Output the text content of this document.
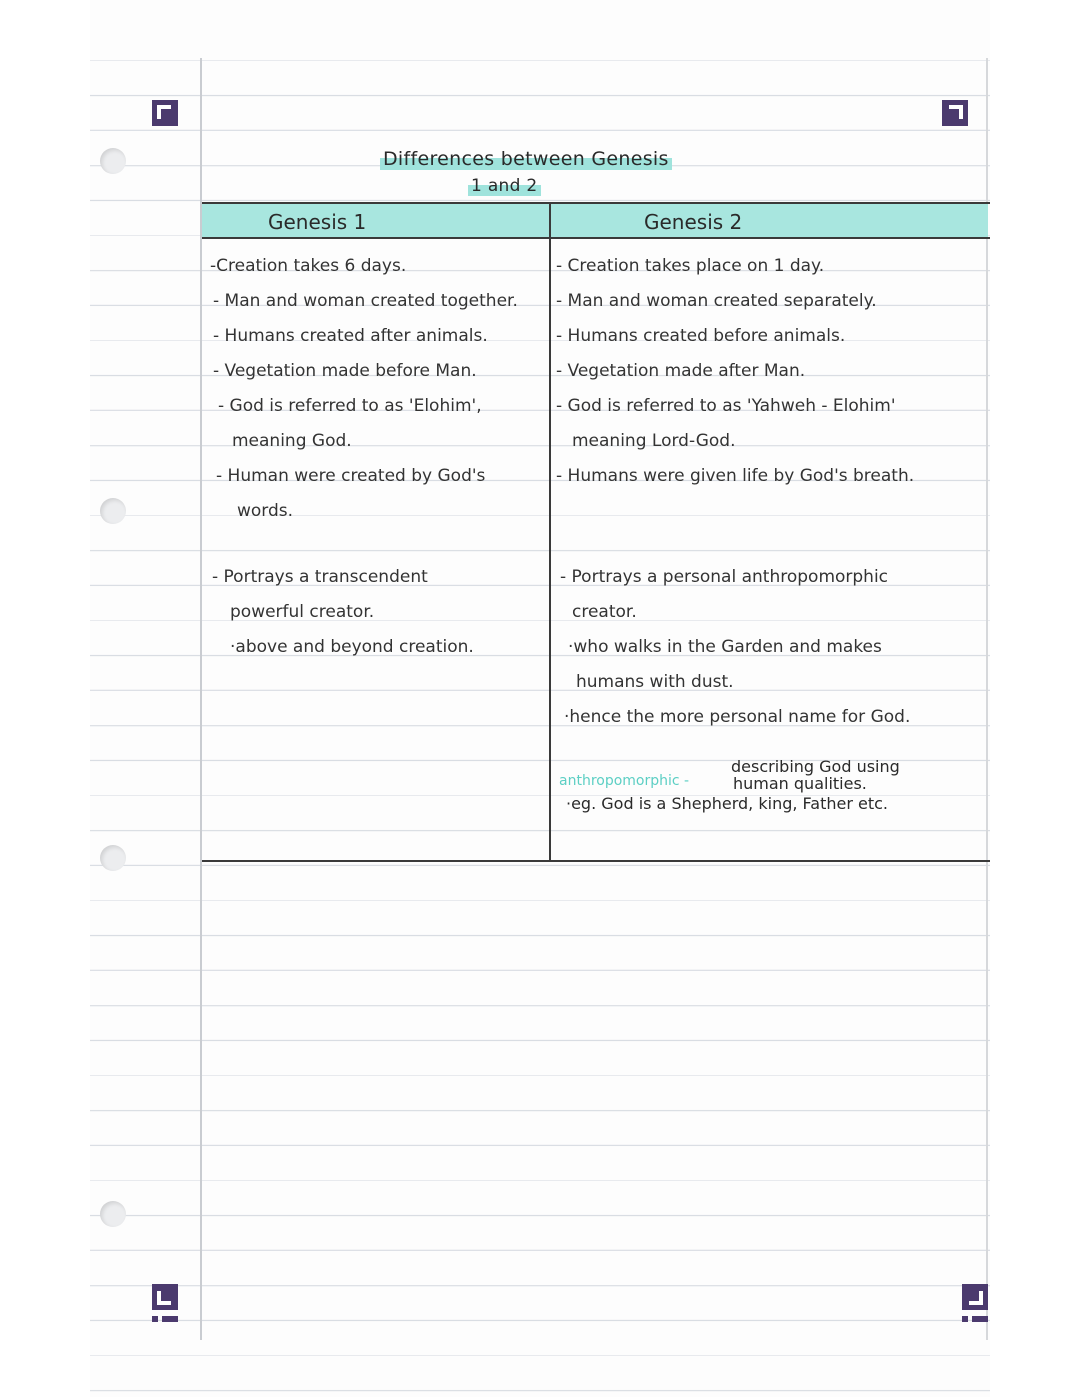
Differences between Genesis
1 and 2
Genesis 1	Genesis 2
-Creation takes 6 days.
- Man and woman created together.
- Humans created after animals.
- Vegetation made before Man.
- God is referred to as 'Elohim',
meaning God.
- Human were created by God's
words.
- Portrays a transcendent
powerful creator.
·above and beyond creation.
- Creation takes place on 1 day.
- Man and woman created separately.
- Humans created before animals.
- Vegetation made after Man.
- God is referred to as 'Yahweh - Elohim'
meaning Lord-God.
- Humans were given life by God's breath.
- Portrays a personal anthropomorphic
creator.
·who walks in the Garden and makes
humans with dust.
·hence the more personal name for God.
anthropomorphic -
describing God using
human qualities.
·eg. God is a Shepherd, king, Father etc.
